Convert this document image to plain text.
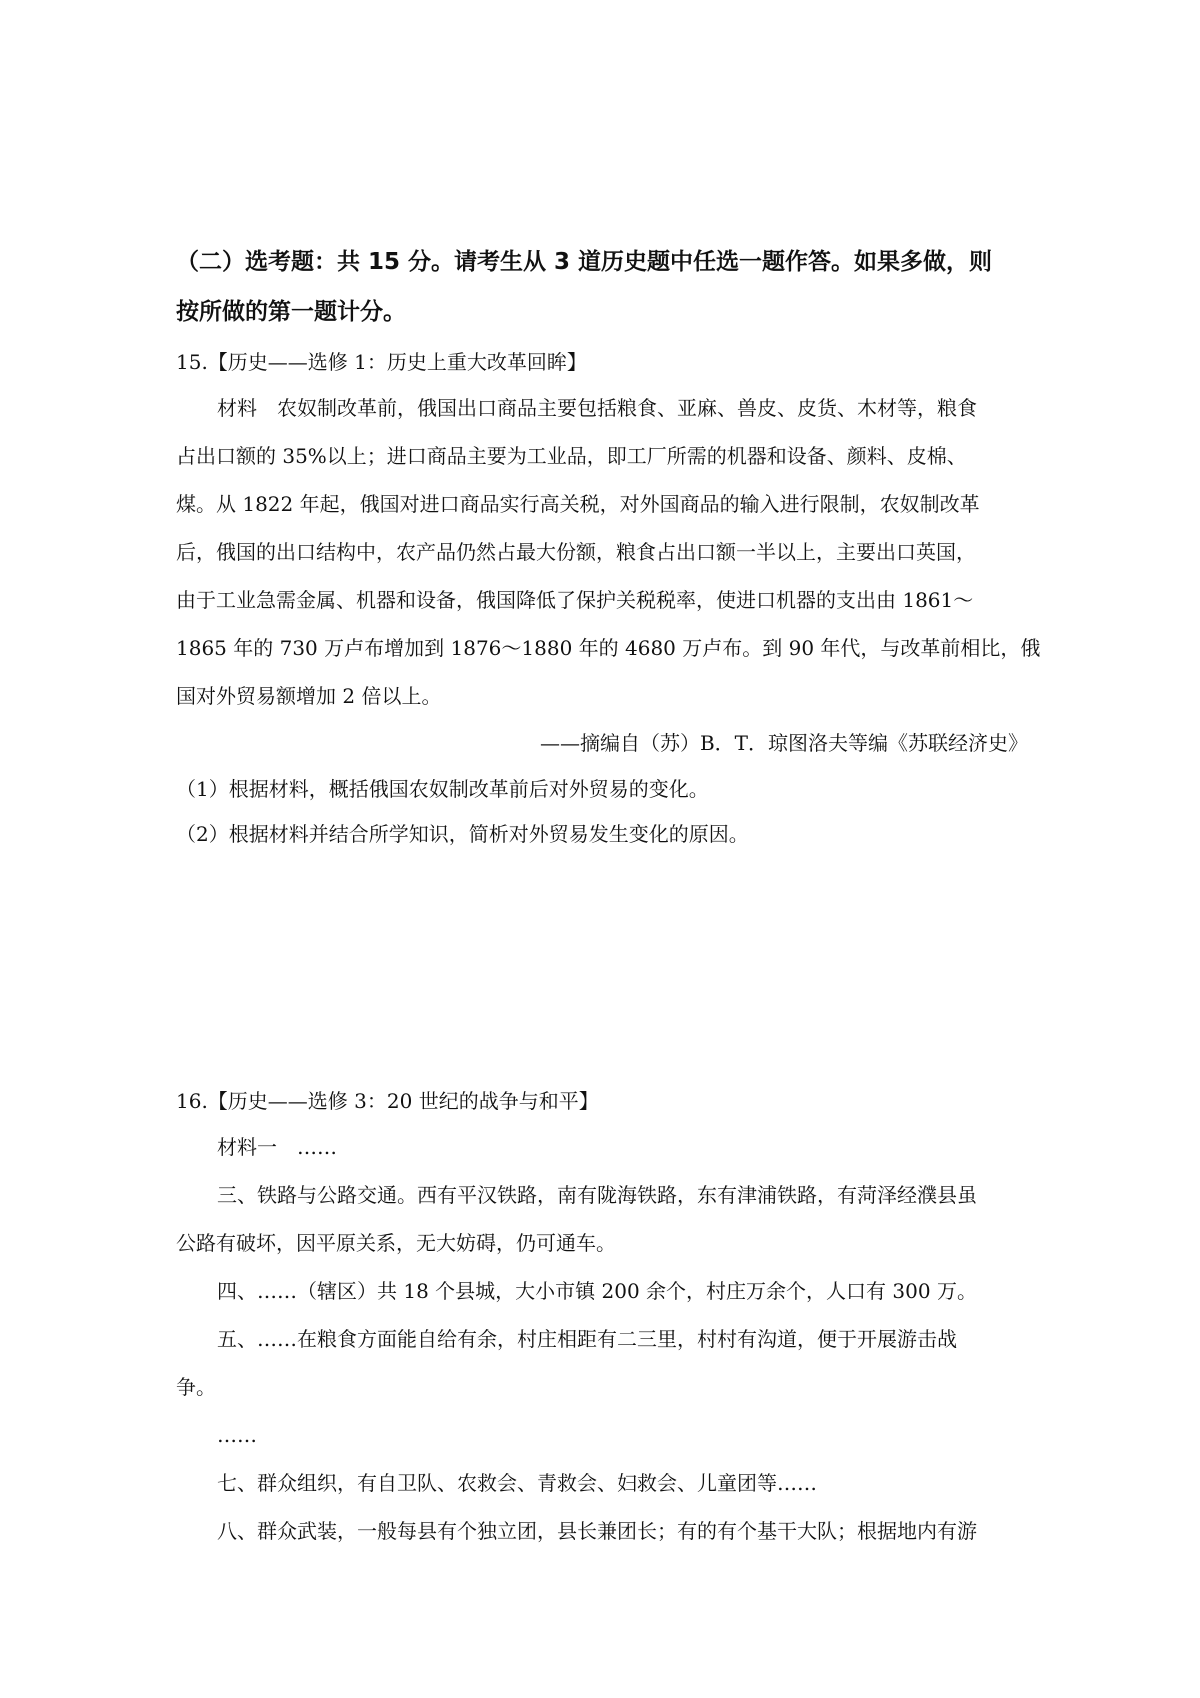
（二）选考题：共 15 分。请考生从 3 道历史题中任选一题作答。如果多做，则
按所做的第一题计分。
15.【历史——选修 1：历史上重大改革回眸】
材料　农奴制改革前，俄国出口商品主要包括粮食、亚麻、兽皮、皮货、木材等，粮食
占出口额的 35%以上；进口商品主要为工业品，即工厂所需的机器和设备、颜料、皮棉、
煤。从 1822 年起，俄国对进口商品实行高关税，对外国商品的输入进行限制，农奴制改革
后，俄国的出口结构中，农产品仍然占最大份额，粮食占出口额一半以上，主要出口英国，
由于工业急需金属、机器和设备，俄国降低了保护关税税率，使进口机器的支出由 1861～
1865 年的 730 万卢布增加到 1876～1880 年的 4680 万卢布。到 90 年代，与改革前相比，俄
国对外贸易额增加 2 倍以上。
——摘编自（苏）B．T．琼图洛夫等编《苏联经济史》
（1）根据材料，概括俄国农奴制改革前后对外贸易的变化。
（2）根据材料并结合所学知识，简析对外贸易发生变化的原因。
16.【历史——选修 3：20 世纪的战争与和平】
材料一　……
三、铁路与公路交通。西有平汉铁路，南有陇海铁路，东有津浦铁路，有菏泽经濮县虽
公路有破坏，因平原关系，无大妨碍，仍可通车。
四、……（辖区）共 18 个县城，大小市镇 200 余个，村庄万余个，人口有 300 万。
五、……在粮食方面能自给有余，村庄相距有二三里，村村有沟道，便于开展游击战
争。
……
七、群众组织，有自卫队、农救会、青救会、妇救会、儿童团等……
八、群众武装，一般每县有个独立团，县长兼团长；有的有个基干大队；根据地内有游
